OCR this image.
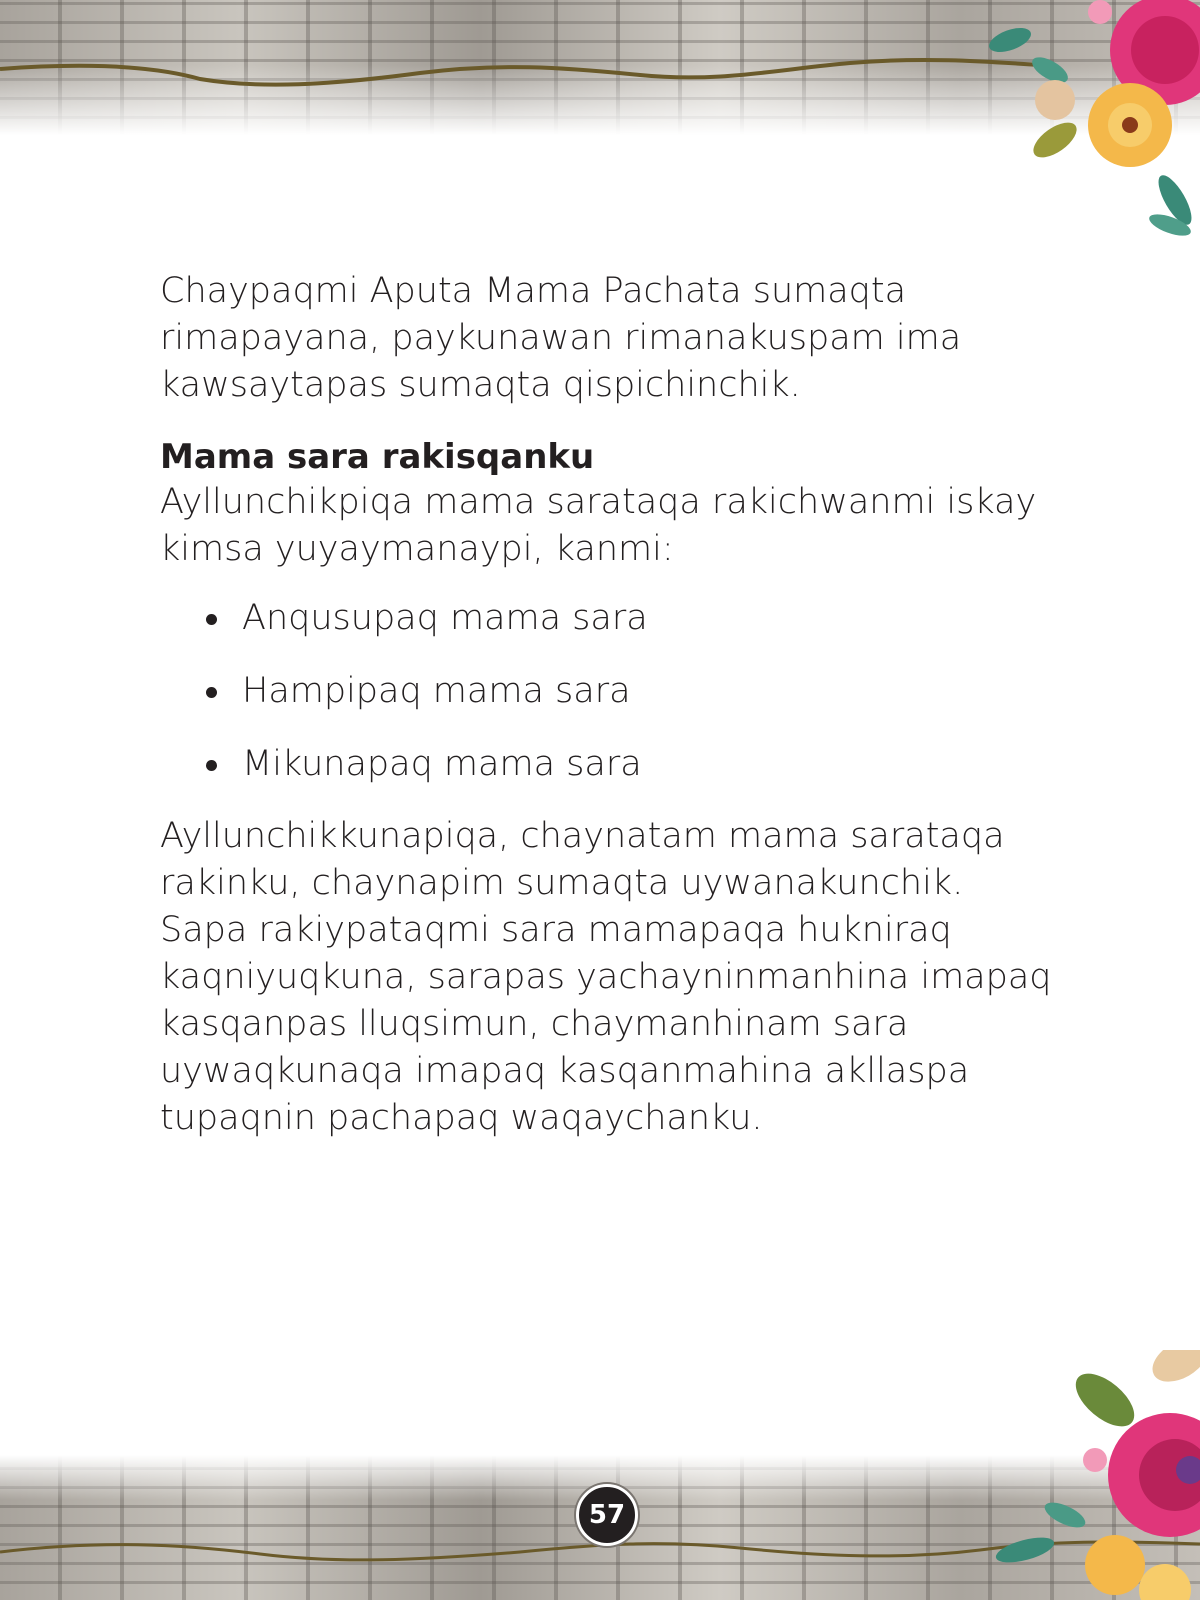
Chaypaqmi Aputa Mama Pachata sumaqta rimapayana, paykunawan rimanakuspam ima kawsaytapas sumaqta qispichinchik.

Mama sara rakisqanku

Ayllunchikpiqa mama sarataqa rakichwanmi iskay kimsa yuyaymanaypi, kanmi:

Anqusupaq mama sara
Hampipaq mama sara
Mikunapaq mama sara

Ayllunchikkunapiqa, chaynatam mama sarataqa rakinku, chaynapim sumaqta uywanakunchik. Sapa rakiypataqmi sara mamapaqa hukniraq kaqniyuqkuna, sarapas yachayninmanhina imapaq kasqanpas lluqsimun, chaymanhinam sara uywaqkunaqa imapaq kasqanmahina akllaspa tupaqnin pachapaq waqaychanku.

57
